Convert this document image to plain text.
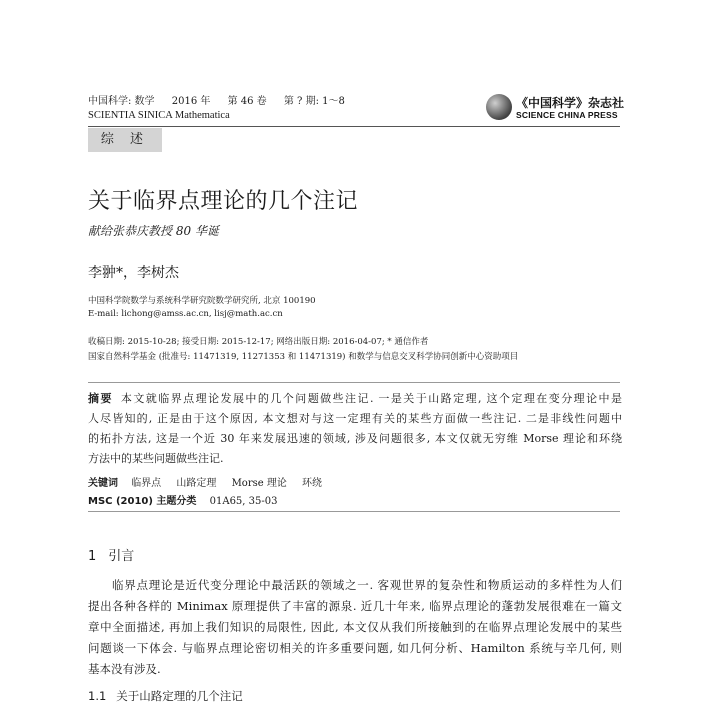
中国科学: 数学 2016 年 第 46 卷 第 ? 期: 1～8
SCIENTIA SINICA Mathematica
《中国科学》杂志社
SCIENCE CHINA PRESS
综 述
关于临界点理论的几个注记
献给张恭庆教授 80 华诞
李翀*，李树杰
中国科学院数学与系统科学研究院数学研究所, 北京 100190
E-mail: lichong@amss.ac.cn, lisj@math.ac.cn
收稿日期: 2015-10-28; 接受日期: 2015-12-17; 网络出版日期: 2016-04-07; * 通信作者
国家自然科学基金 (批准号: 11471319, 11271353 和 11471319) 和数学与信息交叉科学协同创新中心资助项目
摘要 本文就临界点理论发展中的几个问题做些注记. 一是关于山路定理, 这个定理在变分理论中是
人尽皆知的, 正是由于这个原因, 本文想对与这一定理有关的某些方面做一些注记. 二是非线性问题中
的拓扑方法, 这是一个近 30 年来发展迅速的领域, 涉及问题很多, 本文仅就无穷维 Morse 理论和环绕
方法中的某些问题做些注记.
关键词 临界点 山路定理 Morse 理论 环绕
MSC (2010) 主题分类 01A65, 35-03
1 引言
临界点理论是近代变分理论中最活跃的领域之一. 客观世界的复杂性和物质运动的多样性为人们
提出各种各样的 Minimax 原理提供了丰富的源泉. 近几十年来, 临界点理论的蓬勃发展很难在一篇文
章中全面描述, 再加上我们知识的局限性, 因此, 本文仅从我们所接触到的在临界点理论发展中的某些
问题谈一下体会. 与临界点理论密切相关的许多重要问题, 如几何分析、Hamilton 系统与辛几何, 则
基本没有涉及.
1.1 关于山路定理的几个注记
